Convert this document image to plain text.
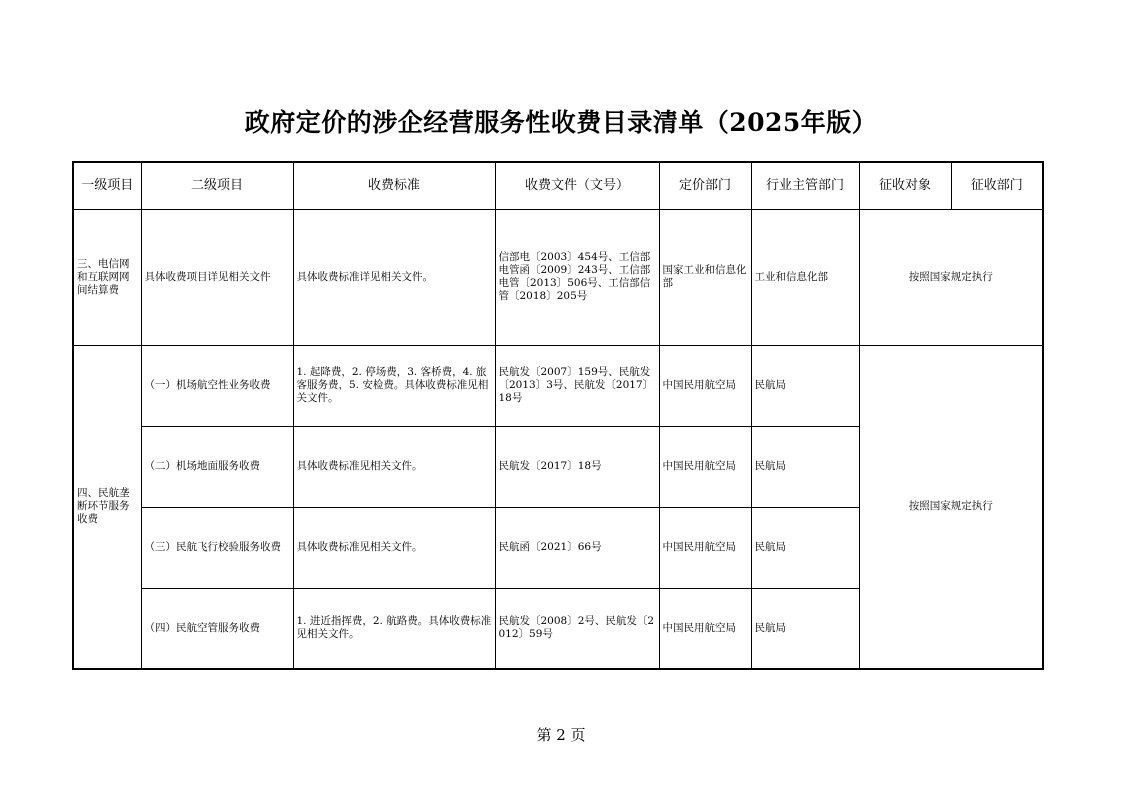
政府定价的涉企经营服务性收费目录清单（2025年版）
一级项目	二级项目	收费标准	收费文件（文号）	定价部门	行业主管部门	征收对象	征收部门
三、电信网和互联网网间结算费	具体收费项目详见相关文件	具体收费标准详见相关文件。	信部电〔2003〕454号、工信部电管函〔2009〕243号、工信部电管〔2013〕506号、工信部信管〔2018〕205号	国家工业和信息化部	工业和信息化部	按照国家规定执行	
四、民航垄断环节服务收费	（一）机场航空性业务收费	1. 起降费，2. 停场费，3. 客桥费，4. 旅客服务费，5. 安检费。具体收费标准见相关文件。	民航发〔2007〕159号、民航发〔2013〕3号、民航发〔2017〕18号	中国民用航空局	民航局	按照国家规定执行	
	（二）机场地面服务收费	具体收费标准见相关文件。	民航发〔2017〕18号	中国民用航空局	民航局		
	（三）民航飞行校验服务收费	具体收费标准见相关文件。	民航函〔2021〕66号	中国民用航空局	民航局		
	（四）民航空管服务收费	1. 进近指挥费，2. 航路费。具体收费标准见相关文件。	民航发〔2008〕2号、民航发〔2012〕59号	中国民用航空局	民航局		
第 2 页
